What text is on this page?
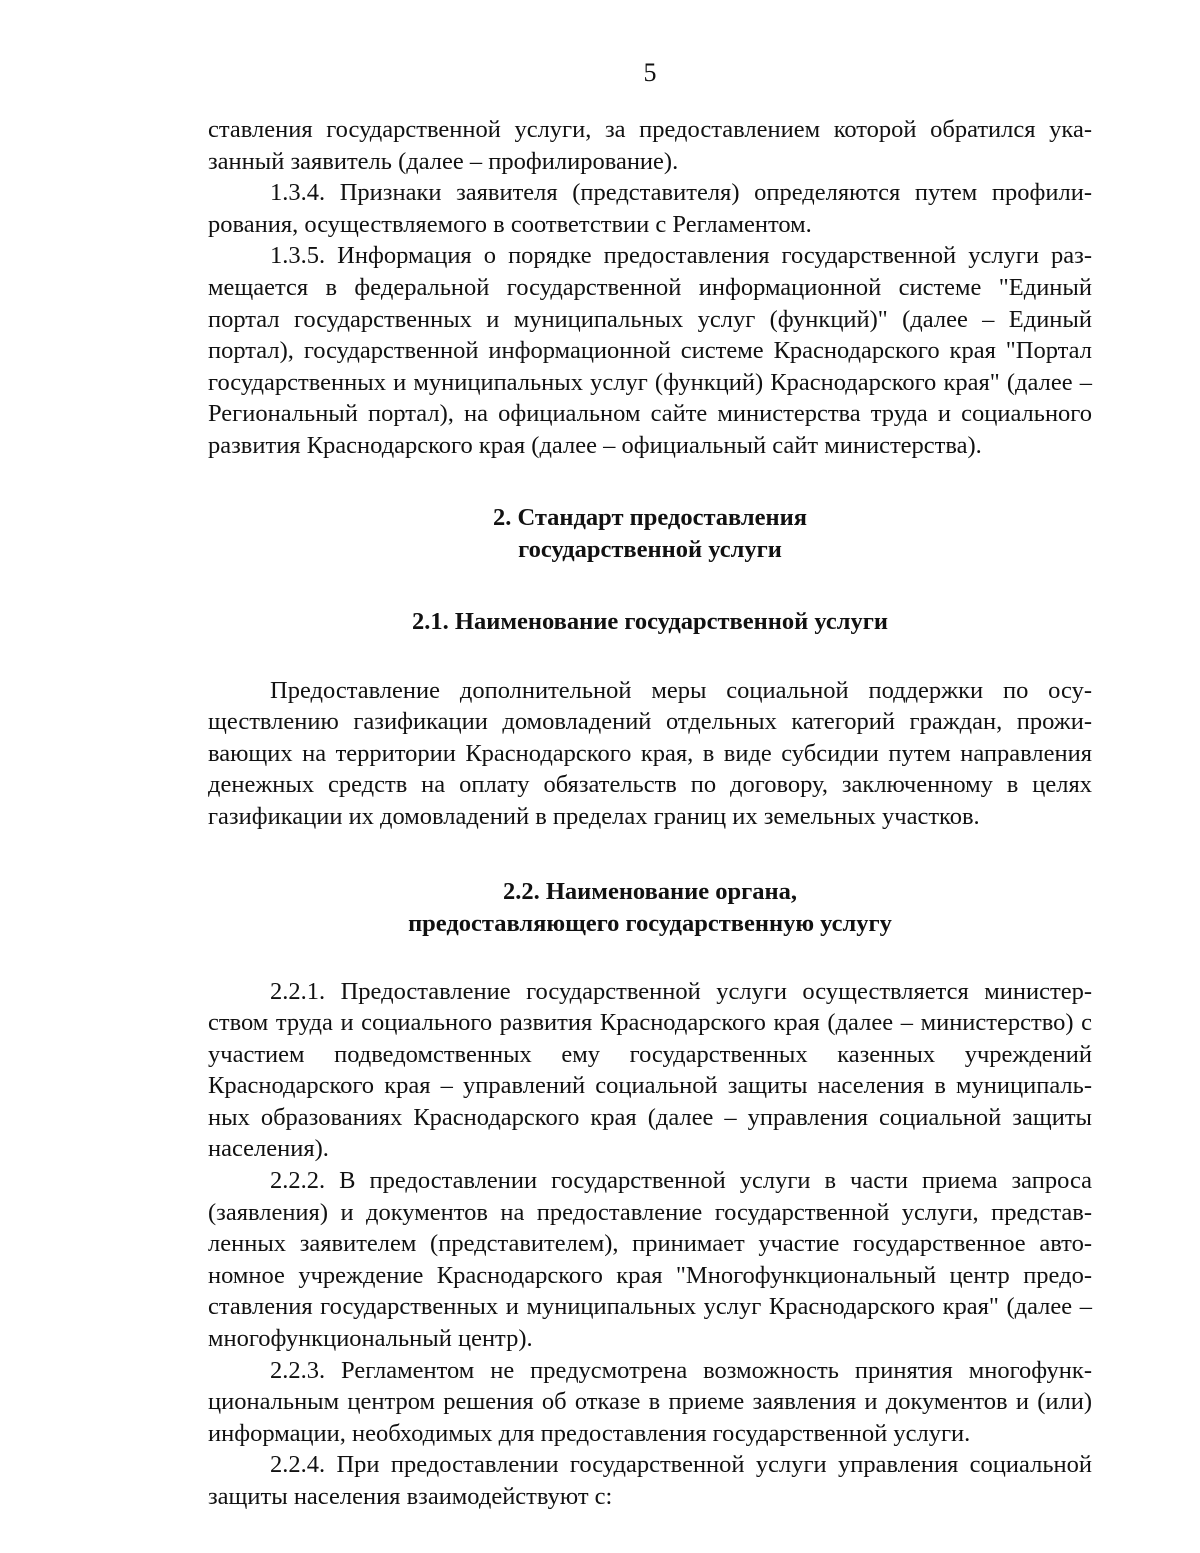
5

ставления государственной услуги, за предоставлением которой обратился указанный заявитель (далее – профилирование).

1.3.4. Признаки заявителя (представителя) определяются путем профилирования, осуществляемого в соответствии с Регламентом.

1.3.5. Информация о порядке предоставления государственной услуги размещается в федеральной государственной информационной системе "Единый портал государственных и муниципальных услуг (функций)" (далее – Единый портал), государственной информационной системе Краснодарского края "Портал государственных и муниципальных услуг (функций) Краснодарского края" (далее – Региональный портал), на официальном сайте министерства труда и социального развития Краснодарского края (далее – официальный сайт министерства).

2. Стандарт предоставления
государственной услуги
2.1. Наименование государственной услуги

Предоставление дополнительной меры социальной поддержки по осуществлению газификации домовладений отдельных категорий граждан, проживающих на территории Краснодарского края, в виде субсидии путем направления денежных средств на оплату обязательств по договору, заключенному в целях газификации их домовладений в пределах границ их земельных участков.

2.2. Наименование органа,
предоставляющего государственную услугу

2.2.1. Предоставление государственной услуги осуществляется министерством труда и социального развития Краснодарского края (далее – министерство) с участием подведомственных ему государственных казенных учреждений Краснодарского края – управлений социальной защиты населения в муниципальных образованиях Краснодарского края (далее – управления социальной защиты населения).

2.2.2. В предоставлении государственной услуги в части приема запроса (заявления) и документов на предоставление государственной услуги, представленных заявителем (представителем), принимает участие государственное автономное учреждение Краснодарского края "Многофункциональный центр предоставления государственных и муниципальных услуг Краснодарского края" (далее – многофункциональный центр).

2.2.3. Регламентом не предусмотрена возможность принятия многофункциональным центром решения об отказе в приеме заявления и документов и (или) информации, необходимых для предоставления государственной услуги.

2.2.4. При предоставлении государственной услуги управления социальной защиты населения взаимодействуют с:
